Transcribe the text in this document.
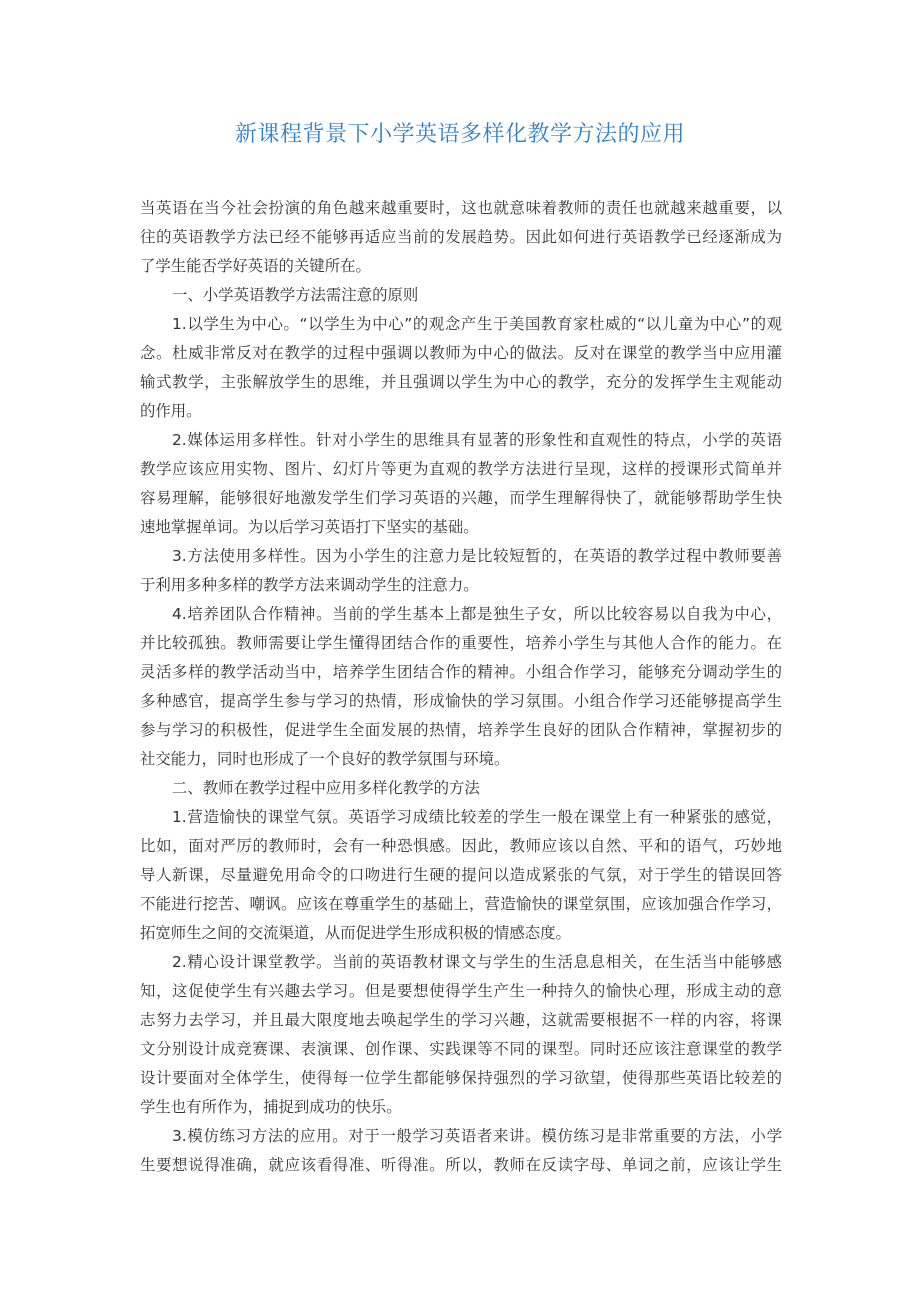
新课程背景下小学英语多样化教学方法的应用
当英语在当今社会扮演的角色越来越重要时，这也就意味着教师的责任也就越来越重要，以
往的英语教学方法已经不能够再适应当前的发展趋势。因此如何进行英语教学已经逐渐成为
了学生能否学好英语的关键所在。
一、小学英语教学方法需注意的原则
1.以学生为中心。“以学生为中心”的观念产生于美国教育家杜威的“以儿童为中心”的观
念。杜威非常反对在教学的过程中强调以教师为中心的做法。反对在课堂的教学当中应用灌
输式教学，主张解放学生的思维，并且强调以学生为中心的教学，充分的发挥学生主观能动
的作用。
2.媒体运用多样性。针对小学生的思维具有显著的形象性和直观性的特点，小学的英语
教学应该应用实物、图片、幻灯片等更为直观的教学方法进行呈现，这样的授课形式简单并
容易理解，能够很好地激发学生们学习英语的兴趣，而学生理解得快了，就能够帮助学生快
速地掌握单词。为以后学习英语打下坚实的基础。
3.方法使用多样性。因为小学生的注意力是比较短暂的，在英语的教学过程中教师要善
于利用多种多样的教学方法来调动学生的注意力。
4.培养团队合作精神。当前的学生基本上都是独生子女，所以比较容易以自我为中心，
并比较孤独。教师需要让学生懂得团结合作的重要性，培养小学生与其他人合作的能力。在
灵活多样的教学活动当中，培养学生团结合作的精神。小组合作学习，能够充分调动学生的
多种感官，提高学生参与学习的热情，形成愉快的学习氛围。小组合作学习还能够提高学生
参与学习的积极性，促进学生全面发展的热情，培养学生良好的团队合作精神，掌握初步的
社交能力，同时也形成了一个良好的教学氛围与环境。
二、教师在教学过程中应用多样化教学的方法
1.营造愉快的课堂气氛。英语学习成绩比较差的学生一般在课堂上有一种紧张的感觉，
比如，面对严厉的教师时，会有一种恐惧感。因此，教师应该以自然、平和的语气，巧妙地
导人新课，尽量避免用命令的口吻进行生硬的提问以造成紧张的气氛，对于学生的错误回答
不能进行挖苦、嘲讽。应该在尊重学生的基础上，营造愉快的课堂氛围，应该加强合作学习，
拓宽师生之间的交流渠道，从而促进学生形成积极的情感态度。
2.精心设计课堂教学。当前的英语教材课文与学生的生活息息相关，在生活当中能够感
知，这促使学生有兴趣去学习。但是要想使得学生产生一种持久的愉快心理，形成主动的意
志努力去学习，并且最大限度地去唤起学生的学习兴趣，这就需要根据不一样的内容，将课
文分别设计成竞赛课、表演课、创作课、实践课等不同的课型。同时还应该注意课堂的教学
设计要面对全体学生，使得每一位学生都能够保持强烈的学习欲望，使得那些英语比较差的
学生也有所作为，捕捉到成功的快乐。
3.模仿练习方法的应用。对于一般学习英语者来讲。模仿练习是非常重要的方法，小学
生要想说得准确，就应该看得准、听得准。所以，教师在反读字母、单词之前，应该让学生
